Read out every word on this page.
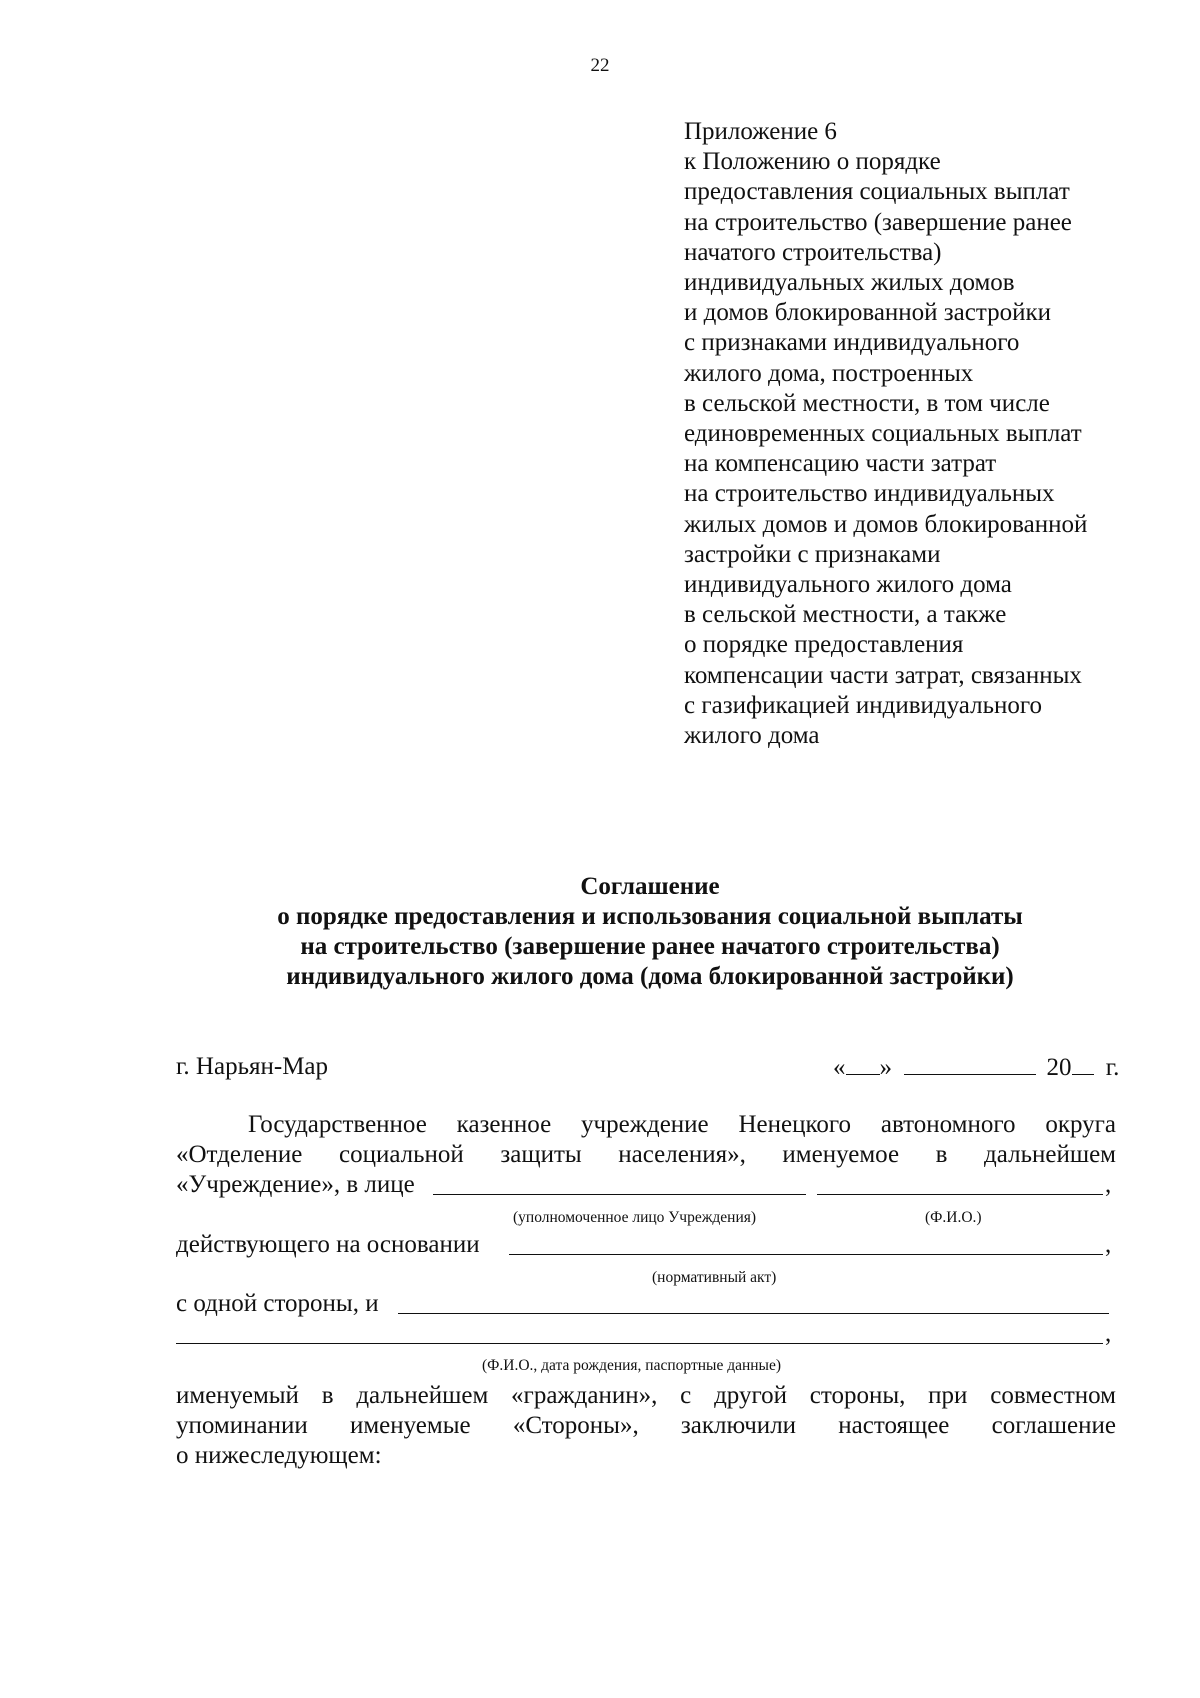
22
Приложение 6
к Положению о порядке
предоставления социальных выплат
на строительство (завершение ранее
начатого строительства)
индивидуальных жилых домов
и домов блокированной застройки
с признаками индивидуального
жилого дома, построенных
в сельской местности, в том числе
единовременных социальных выплат
на компенсацию части затрат
на строительство индивидуальных
жилых домов и домов блокированной
застройки с признаками
индивидуального жилого дома
в сельской местности, а также
о порядке предоставления
компенсации части затрат, связанных
с газификацией индивидуального
жилого дома
Соглашение
о порядке предоставления и использования социальной выплаты
на строительство (завершение ранее начатого строительства)
индивидуального жилого дома (дома блокированной застройки)
г. Нарьян-Мар	« »	20 г.
Государственное казенное учреждение Ненецкого автономного округа
«Отделение социальной защиты населения», именуемое в дальнейшем
«Учреждение», в лице	,
(уполномоченное лицо Учреждения)	(Ф.И.О.)
действующего на основании	,
(нормативный акт)
с одной стороны, и
,
(Ф.И.О., дата рождения, паспортные данные)
именуемый в дальнейшем «гражданин», с другой стороны, при совместном
упоминании именуемые «Стороны», заключили настоящее соглашение
о нижеследующем:
